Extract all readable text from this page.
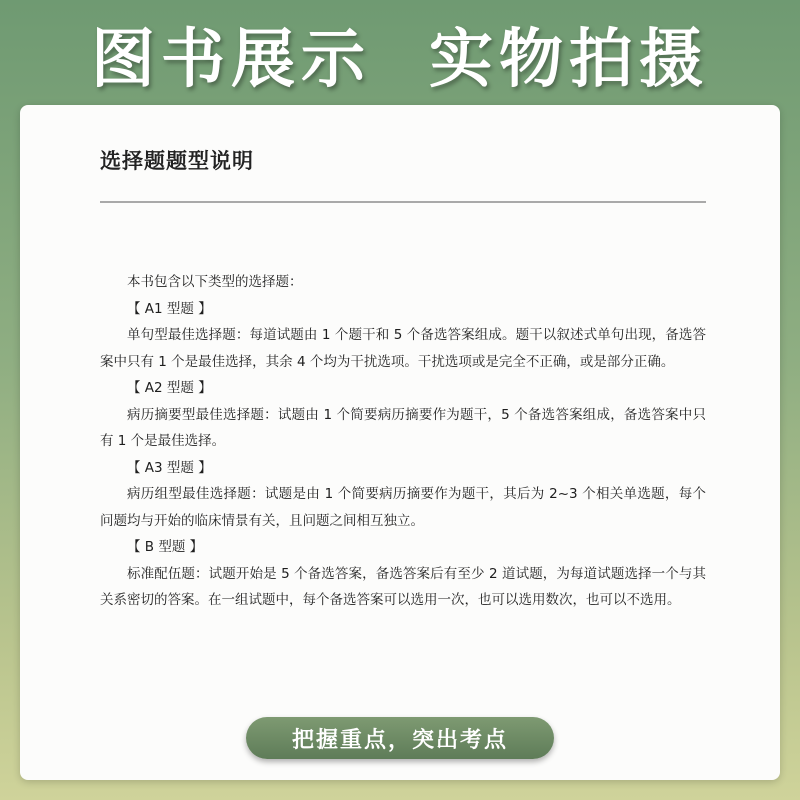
图书展示 实物拍摄
选择题题型说明

本书包含以下类型的选择题：

【 A1 型题 】

单句型最佳选择题：每道试题由 1 个题干和 5 个备选答案组成。题干以叙述式单句出现，备选答案中只有 1 个是最佳选择，其余 4 个均为干扰选项。干扰选项或是完全不正确，或是部分正确。

【 A2 型题 】

病历摘要型最佳选择题：试题由 1 个简要病历摘要作为题干，5 个备选答案组成，备选答案中只有 1 个是最佳选择。

【 A3 型题 】

病历组型最佳选择题：试题是由 1 个简要病历摘要作为题干，其后为 2~3 个相关单选题，每个问题均与开始的临床情景有关，且问题之间相互独立。

【 B 型题 】

标准配伍题：试题开始是 5 个备选答案，备选答案后有至少 2 道试题，为每道试题选择一个与其关系密切的答案。在一组试题中，每个备选答案可以选用一次，也可以选用数次，也可以不选用。

把握重点，突出考点
